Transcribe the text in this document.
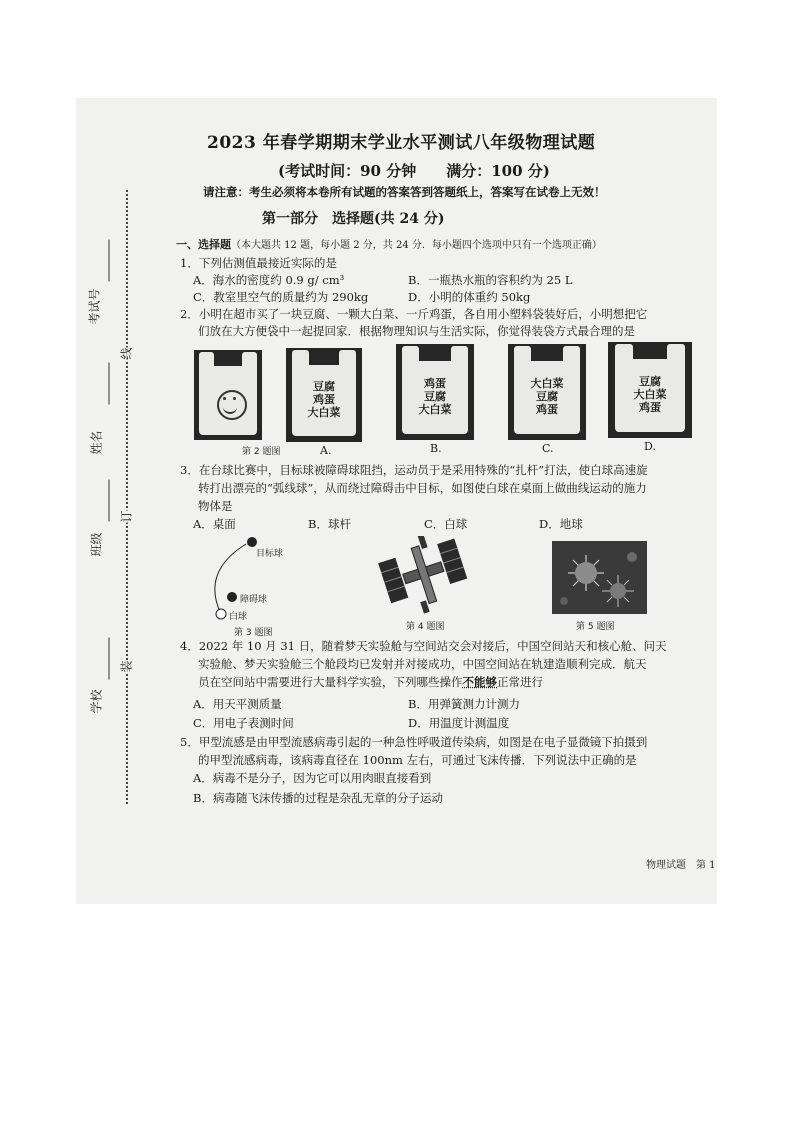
2023 年春学期期末学业水平测试八年级物理试题
(考试时间：90 分钟　　满分：100 分)
请注意：考生必须将本卷所有试题的答案答到答题纸上，答案写在试卷上无效！
第一部分　选择题(共 24 分)
考试号
姓名
班级
学校
线
订
装
一、选择题（本大题共 12 题，每小题 2 分，共 24 分．每小题四个选项中只有一个选项正确）
1．下列估测值最接近实际的是
A．海水的密度约 0.9 g/ cm³	B．一瓶热水瓶的容积约为 25 L
C．教室里空气的质量约为 290kg	D．小明的体重约 50kg
2．小明在超市买了一块豆腐、一颗大白菜、一斤鸡蛋，各自用小塑料袋装好后，小明想把它
们放在大方便袋中一起提回家．根据物理知识与生活实际，你觉得装袋方式最合理的是
第 2 题图
豆腐
鸡蛋
大白菜
A.
鸡蛋
豆腐
大白菜
B.
大白菜
豆腐
鸡蛋
C.
豆腐
大白菜
鸡蛋
D.
3．在台球比赛中，目标球被障碍球阻挡，运动员于是采用特殊的“扎杆”打法，使白球高速旋
转打出漂亮的“弧线球”，从而绕过障碍击中目标，如图使白球在桌面上做曲线运动的施力
物体是
A．桌面	B．球杆	C．白球	D．地球
目标球
障碍球
白球
第 3 题图
第 4 题图	第 5 题图
4．2022 年 10 月 31 日，随着梦天实验舱与空间站交会对接后，中国空间站天和核心舱、问天
实验舱、梦天实验舱三个舱段均已发射并对接成功，中国空间站在轨建造顺利完成．航天
员在空间站中需要进行大量科学实验，下列哪些操作不能够正常进行
A．用天平测质量	B．用弹簧测力计测力
C．用电子表测时间	D．用温度计测温度
5．甲型流感是由甲型流感病毒引起的一种急性呼吸道传染病，如图是在电子显微镜下拍摄到
的甲型流感病毒，该病毒直径在 100nm 左右，可通过飞沫传播．下列说法中正确的是
A．病毒不是分子，因为它可以用肉眼直接看到
B．病毒随飞沫传播的过程是杂乱无章的分子运动
物理试题　第 1
